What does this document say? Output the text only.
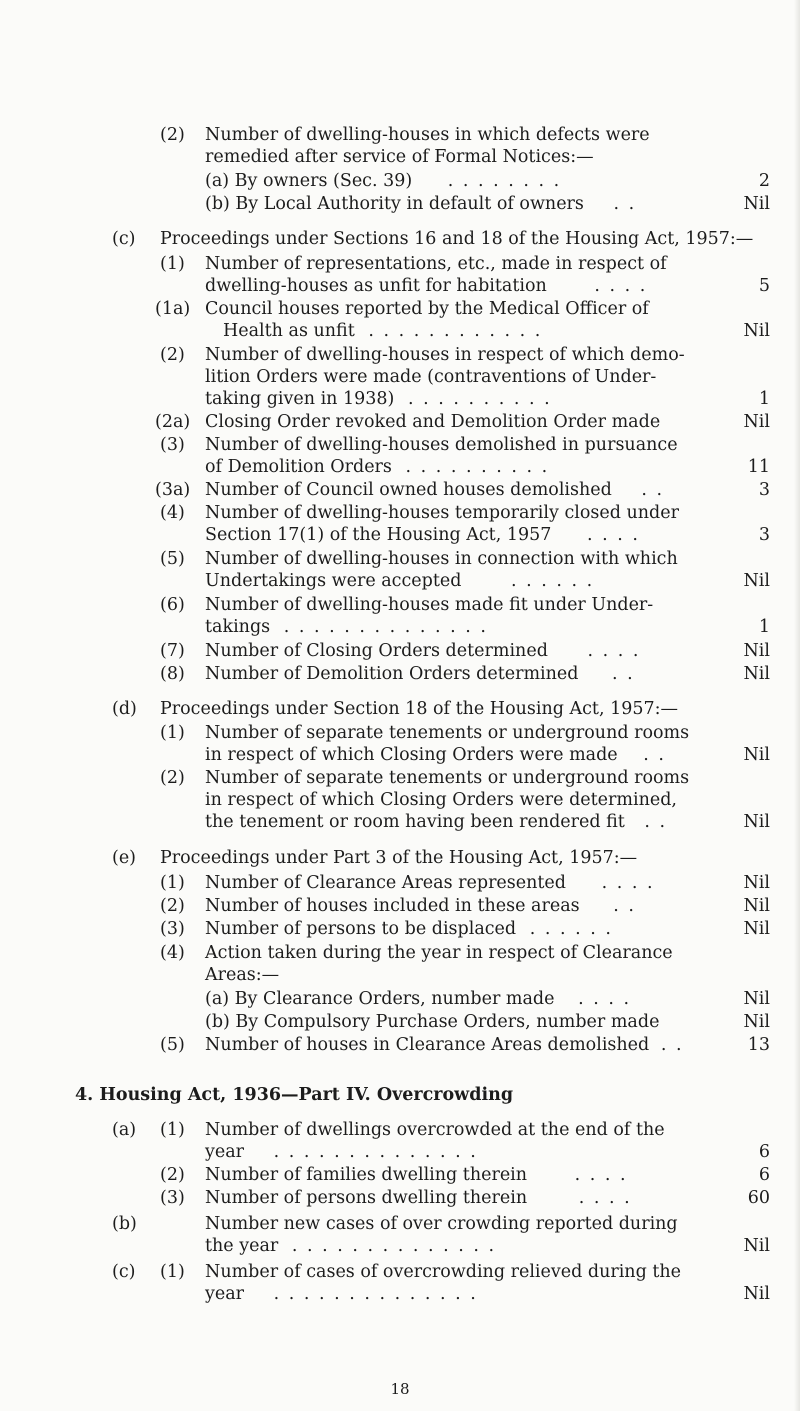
(2) Number of dwelling-houses in which defects were
remedied after service of Formal Notices:—
(a) By owners (Sec. 39) . . . . . . . .	2
(b) By Local Authority in default of owners . .	Nil
(c) Proceedings under Sections 16 and 18 of the Housing Act, 1957:—
(1) Number of representations, etc., made in respect of
dwelling-houses as unfit for habitation	. . . .	5
(1a) Council houses reported by the Medical Officer of
Health as unfit . . . . . . . . . . . .	Nil
(2) Number of dwelling-houses in respect of which demo-
lition Orders were made (contraventions of Under-
taking given in 1938) . . . . . . . . . .	1
(2a) Closing Order revoked and Demolition Order made	Nil
(3) Number of dwelling-houses demolished in pursuance
of Demolition Orders . . . . . . . . . .	11
(3a) Number of Council owned houses demolished . .	3
(4) Number of dwelling-houses temporarily closed under
Section 17(1) of the Housing Act, 1957 . . . .	3
(5) Number of dwelling-houses in connection with which
Undertakings were accepted	. . . . . .	Nil
(6) Number of dwelling-houses made fit under Under-
takings . . . . . . . . . . . . . .	1
(7) Number of Closing Orders determined . . . .	Nil
(8) Number of Demolition Orders determined . .	Nil
(d) Proceedings under Section 18 of the Housing Act, 1957:—
(1) Number of separate tenements or underground rooms
in respect of which Closing Orders were made . .	Nil
(2) Number of separate tenements or underground rooms
in respect of which Closing Orders were determined,
the tenement or room having been rendered fit . .	Nil
(e) Proceedings under Part 3 of the Housing Act, 1957:—
(1) Number of Clearance Areas represented . . . .	Nil
(2) Number of houses included in these areas . .	Nil
(3) Number of persons to be displaced . . . . . .	Nil
(4) Action taken during the year in respect of Clearance
Areas:—
(a) By Clearance Orders, number made . . . .	Nil
(b) By Compulsory Purchase Orders, number made	Nil
(5) Number of houses in Clearance Areas demolished . .	13
4. Housing Act, 1936—Part IV. Overcrowding
(a) (1) Number of dwellings overcrowded at the end of the
year . . . . . . . . . . . . . .	6
(2) Number of families dwelling therein	. . . .	6
(3) Number of persons dwelling therein	. . . .	60
(b)	Number new cases of over crowding reported during
the year . . . . . . . . . . . . . .	Nil
(c) (1) Number of cases of overcrowding relieved during the
year . . . . . . . . . . . . . .	Nil
18
